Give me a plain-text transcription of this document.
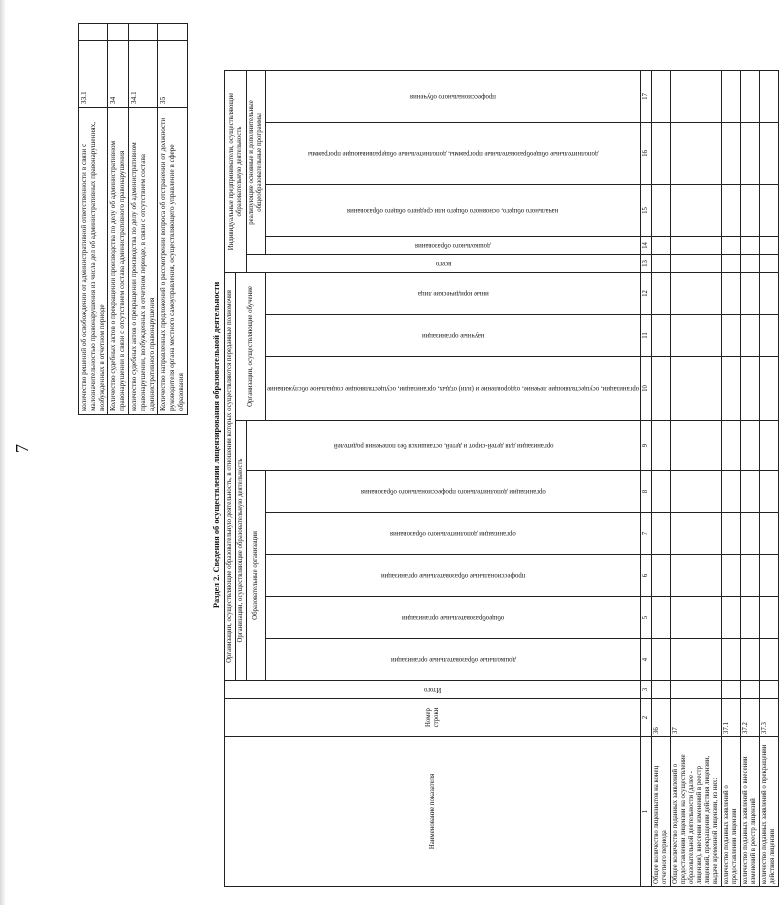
7
количество решений об освобождении от административной ответственности в связи с малозначительностью правонарушения из числа дел об административных правонарушениях, возбужденных в отчетном периоде	33.1	
Количество судебных актов о прекращении производства по делу об административном правонарушении в связи с отсутствием состава административного правонарушения	34	
количество судебных актов о прекращении производства по делу об административном правонарушении, возбужденных в отчетном периоде, в связи с отсутствием состава административного правонарушения	34.1	
Количество направленных предложений о рассмотрении вопроса об отстранении от должности руководителя органа местного самоуправления, осуществляющего управление в сфере образования	35	
Раздел 2. Сведения об осуществлении лицензирования образовательной деятельности
Наименование показателя	Номер строки	Итого	Организации, осуществляющие образовательную деятельность, в отношении которых осуществляются переданные полномочия									Индивидуальные предприниматели, осуществляющие образовательную деятельность				
			Организации, осуществляющие образовательную деятельность						Организации, осуществляющие обучение							
			Образовательные организации					организации для детей-сирот и детей, оставшихся без попечения родителей				всего	реализующие основные и дополнительные общеобразовательные программы			

			дошкольные образовательные организации	общеобразовательные организации	профессиональные образовательные организации	организации дополнительного образования	организации дополнительного профессионального образования		организации, осуществляющие лечение, оздоровление и (или) отдых, организации, осуществляющие социальное обслуживание	научные организации	иные юридические лица		дошкольного образования	начального общего, основного общего или среднего общего образования	дополнительные общеобразовательные программы, дополнительные общеразвивающие программы	профессионального обучения

1	2	3	4	5	6	7	8	9	10	11	12	13	14	15	16	17
Общее количество лицензиатов на конец отчетного периода	36															
Общее количество поданных заявлений о предоставлении лицензии на осуществление образовательной деятельности (далее - лицензия), внесении изменений в реестр лицензий, прекращении действия лицензии, выдаче временной лицензии, из них:	37															
количество поданных заявлений о предоставлении лицензии	37.1															
количество поданных заявлений о внесении изменений в реестр лицензий	37.2															
количество поданных заявлений о прекращении действия лицензии	37.3															
